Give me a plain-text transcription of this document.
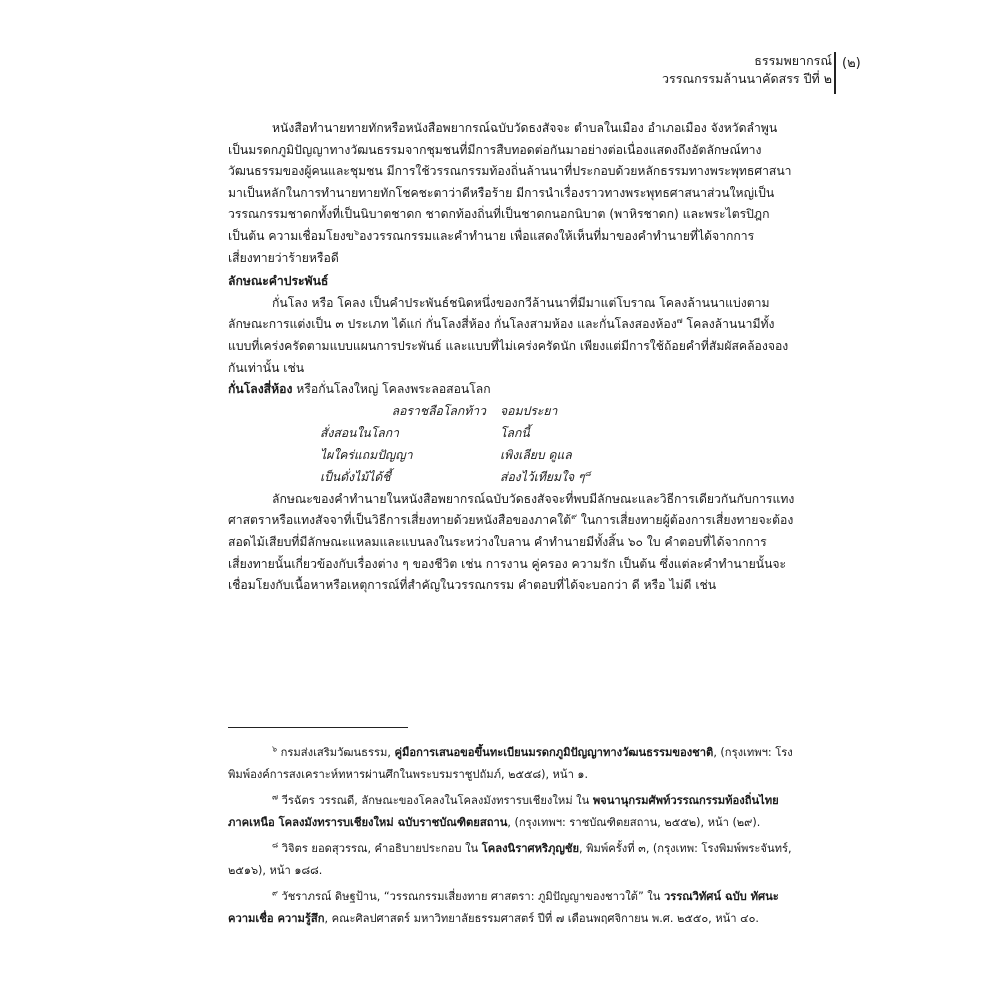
ธรรมพยากรณ์
วรรณกรรมล้านนาคัดสรร ปีที่ ๒
(๒)

หนังสือทำนายทายทักหรือหนังสือพยากรณ์ฉบับวัดธงสัจจะ ตำบลในเมือง อำเภอเมือง จังหวัดลำพูน เป็นมรดกภูมิปัญญาทางวัฒนธรรมจากชุมชนที่มีการสืบทอดต่อกันมาอย่างต่อเนื่องแสดงถึงอัตลักษณ์ทางวัฒนธรรมของผู้คนและชุมชน มีการใช้วรรณกรรมท้องถิ่นล้านนาที่ประกอบด้วยหลักธรรมทางพระพุทธศาสนามาเป็นหลักในการทำนายทายทักโชคชะตาว่าดีหรือร้าย มีการนำเรื่องราวทางพระพุทธศาสนาส่วนใหญ่เป็นวรรณกรรมชาดกทั้งที่เป็นนิบาตชาดก ชาดกท้องถิ่นที่เป็นชาดกนอกนิบาต (พาหิรชาดก) และพระไตรปิฎก เป็นต้น ความเชื่อมโยงข$^๖$องวรรณกรรมและคำทำนาย เพื่อแสดงให้เห็นที่มาของคำทำนายที่ได้จากการเสี่ยงทายว่าร้ายหรือดี

ลักษณะคำประพันธ์

กั่นโลง หรือ โคลง เป็นคำประพันธ์ชนิดหนึ่งของกวีล้านนาที่มีมาแต่โบราณ โคลงล้านนาแบ่งตามลักษณะการแต่งเป็น ๓ ประเภท ได้แก่ กั่นโลงสี่ห้อง กั่นโลงสามห้อง และกั่นโลงสองห้อง$^๗$ โคลงล้านนามีทั้งแบบที่เคร่งครัดตามแบบแผนการประพันธ์ และแบบที่ไม่เคร่งครัดนัก เพียงแต่มีการใช้ถ้อยคำที่สัมผัสคล้องจองกันเท่านั้น เช่น

กั่นโลงสี่ห้อง หรือกั่นโลงใหญ่ โคลงพระลอสอนโลก

ลอราชลือโลกท้าว จอมประยา
สั่งสอนในโลกา	โลกนี้
ไผใคร่แถมปัญญา	เพิงเลียบ ดูแล
เป็นดั่งไม้ได้ชี้	ส่องไว้เทียมใจ ๆ$^๘$

ลักษณะของคำทำนายในหนังสือพยากรณ์ฉบับวัดธงสัจจะที่พบมีลักษณะและวิธีการเดียวกันกับการแทงศาสตราหรือแทงสัจจาที่เป็นวิธีการเสี่ยงทายด้วยหนังสือของภาคใต้$^๙$ ในการเสี่ยงทายผู้ต้องการเสี่ยงทายจะต้องสอดไม้เสียบที่มีลักษณะแหลมและแบนลงในระหว่างใบลาน คำทำนายมีทั้งสิ้น ๖๐ ใบ คำตอบที่ได้จากการเสี่ยงทายนั้นเกี่ยวข้องกับเรื่องต่าง ๆ ของชีวิต เช่น การงาน คู่ครอง ความรัก เป็นต้น ซึ่งแต่ละคำทำนายนั้นจะเชื่อมโยงกับเนื้อหาหรือเหตุการณ์ที่สำคัญในวรรณกรรม คำตอบที่ได้จะบอกว่า ดี หรือ ไม่ดี เช่น

$^๖$ กรมส่งเสริมวัฒนธรรม, คู่มือการเสนอขอขึ้นทะเบียนมรดกภูมิปัญญาทางวัฒนธรรมของชาติ, (กรุงเทพฯ: โรงพิมพ์องค์การสงเคราะห์ทหารผ่านศึกในพระบรมราชูปถัมภ์, ๒๕๕๘), หน้า ๑.

$^๗$ วีรฉัตร วรรณดี, ลักษณะของโคลงในโคลงมังทรารบเชียงใหม่ ใน พจนานุกรมศัพท์วรรณกรรมท้องถิ่นไทยภาคเหนือ โคลงมังทรารบเชียงใหม่ ฉบับราชบัณฑิตยสถาน, (กรุงเทพฯ: ราชบัณฑิตยสถาน, ๒๕๕๒), หน้า (๒๙).

$^๘$ วิจิตร ยอดสุวรรณ, คำอธิบายประกอบ ใน โคลงนิราศหริภุญชัย, พิมพ์ครั้งที่ ๓, (กรุงเทพ: โรงพิมพ์พระจันทร์, ๒๕๑๖), หน้า ๑๘๘.

$^๙$ วัชราภรณ์ ดิษฐป้าน, “วรรณกรรมเสี่ยงทาย ศาสตรา: ภูมิปัญญาของชาวใต้” ใน วรรณวิทัศน์ ฉบับ ทัศนะความเชื่อ ความรู้สึก, คณะศิลปศาสตร์ มหาวิทยาลัยธรรมศาสตร์ ปีที่ ๗ เดือนพฤศจิกายน พ.ศ. ๒๕๕๐, หน้า ๔๐.
